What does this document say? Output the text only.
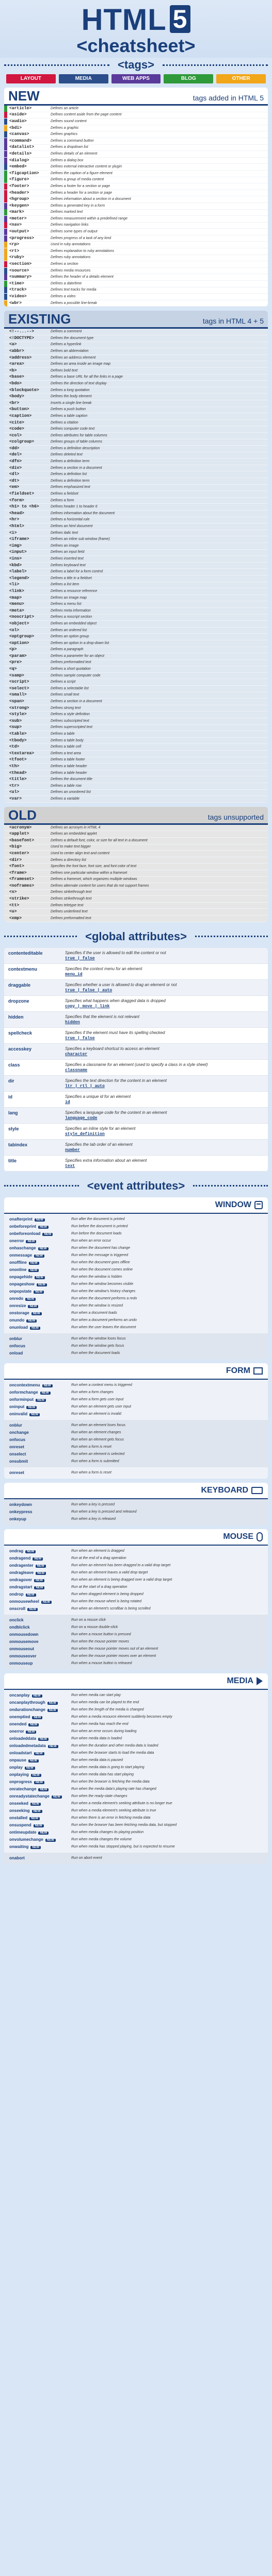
HTML 5
<cheatsheet>
<tags>
LAYOUT	MEDIA	WEB APPS	BLOG	OTHER
NEW	tags added in HTML 5
<article>	Defines an article
<aside>	Defines content aside from the page content
<audio>	Defines sound content
<bdi>	Defines a graphic
<canvas>	Defines graphics
<command>	Defines a command button
<datalist>	Defines a dropdown list
<details>	Defines details of an element
<dialog>	Defines a dialog box
<embed>	Defines external interactive content or plugin
<figcaption>	Defines the caption of a figure element
<figure>	Defines a group of media content
<footer>	Defines a footer for a section or page
<header>	Defines a header for a section or page
<hgroup>	Defines information about a section in a document
<keygen>	Defines a generated key in a form
<mark>	Defines marked text
<meter>	Defines measurement within a predefined range
<nav>	Defines navigation links
<output>	Defines some types of output
<progress>	Defines progress of a task of any kind
<rp>	Used in ruby annotations
<rt>	Defines explanation to ruby annotations
<ruby>	Defines ruby annotations
<section>	Defines a section
<source>	Defines media resources
<summary>	Defines the header of a details element
<time>	Defines a date/time
<track>	Defines text tracks for media
<video>	Defines a video
<wbr>	Defines a possible line-break
EXISTING	tags in HTML 4 + 5
<!--...-->	Defines a comment
<!DOCTYPE>	Defines the document type
<a>	Defines a hyperlink
<abbr>	Defines an abbreviation
<address>	Defines an address element
<area>	Defines an area inside an image map
<b>	Defines bold text
<base>	Defines a base URL for all the links in a page
<bdo>	Defines the direction of text display
<blockquote>	Defines a long quotation
<body>	Defines the body element
<br>	Inserts a single line break
<button>	Defines a push button
<caption>	Defines a table caption
<cite>	Defines a citation
<code>	Defines computer code text
<col>	Defines attributes for table columns
<colgroup>	Defines groups of table columns
<dd>	Defines a definition description
<del>	Defines deleted text
<dfn>	Defines a definition term
<div>	Defines a section in a document
<dl>	Defines a definition list
<dt>	Defines a definition term
<em>	Defines emphasized text
<fieldset>	Defines a fieldset
<form>	Defines a form
<h1> to <h6>	Defines header 1 to header 6
<head>	Defines information about the document
<hr>	Defines a horizontal rule
<html>	Defines an html document
<i>	Defines italic text
<iframe>	Defines an inline sub window (frame)
<img>	Defines an image
<input>	Defines an input field
<ins>	Defines inserted text
<kbd>	Defines keyboard text
<label>	Defines a label for a form control
<legend>	Defines a title in a fieldset
<li>	Defines a list item
<link>	Defines a resource reference
<map>	Defines an image map
<menu>	Defines a menu list
<meta>	Defines meta information
<noscript>	Defines a noscript section
<object>	Defines an embedded object
<ol>	Defines an ordered list
<optgroup>	Defines an option group
<option>	Defines an option in a drop-down list
<p>	Defines a paragraph
<param>	Defines a parameter for an object
<pre>	Defines preformatted text
<q>	Defines a short quotation
<samp>	Defines sample computer code
<script>	Defines a script
<select>	Defines a selectable list
<small>	Defines small text
<span>	Defines a section in a document
<strong>	Defines strong text
<style>	Defines a style definition
<sub>	Defines subscripted text
<sup>	Defines superscripted text
<table>	Defines a table
<tbody>	Defines a table body
<td>	Defines a table cell
<textarea>	Defines a text area
<tfoot>	Defines a table footer
<th>	Defines a table header
<thead>	Defines a table header
<title>	Defines the document title
<tr>	Defines a table row
<ul>	Defines an unordered list
<var>	Defines a variable
OLD	tags unsupported
<acronym>	Defines an acronym in HTML 4
<applet>	Defines an embedded applet
<basefont>	Defines a default font, color, or size for all text in a document
<big>	Used to make text bigger
<center>	Used to center align text and content
<dir>	Defines a directory list
<font>	Specifies the font face, font size, and font color of text
<frame>	Defines one particular window within a frameset
<frameset>	Defines a frameset, which organizes multiple windows
<noframes>	Defines alternate content for users that do not support frames
<s>	Defines strikethrough text
<strike>	Defines strikethrough text
<tt>	Defines teletype text
<u>	Defines underlined text
<xmp>	Defines preformatted text
<global attributes>
contenteditable	Specifies if the user is allowed to edit the content or not
true | false
contextmenu	Specifies the context menu for an element
menu_id
draggable	Specifies whether a user is allowed to drag an element or not
true | false | auto
dropzone	Specifies what happens when dragged data is dropped
copy | move | link
hidden	Specifies that the element is not relevant
hidden
spellcheck	Specifies if the element must have its spelling checked
true | false
accesskey	Specifies a keyboard shortcut to access an element
character
class	Specifies a classname for an element (used to specify a class in a style sheet)
classname
dir	Specifies the text direction for the content in an element
ltr | rtl | auto
id	Specifies a unique id for an element
id
lang	Specifies a language code for the content in an element
language_code
style	Specifies an inline style for an element
style_definition
tabindex	Specifies the tab order of an element
number
title	Specifies extra information about an element
text
<event attributes>
WINDOW
onafterprint NEW	Run after the document is printed
onbeforeprint NEW	Run before the document is printed
onbeforeonload NEW	Run before the document loads
onerror NEW	Run when an error occur
onhaschange NEW	Run when the document has change
onmessage NEW	Run when the message is triggered
onoffline NEW	Run when the document goes offline
ononline NEW	Run when the document comes online
onpagehide NEW	Run when the window is hidden
onpageshow NEW	Run when the window becomes visible
onpopstate NEW	Run when the window's history changes
onredo NEW	Run when the document performs a redo
onresize NEW	Run when the window is resized
onstorage NEW	Run when a document loads
onundo NEW	Run when a document performs an undo
onunload NEW	Run when the user leaves the document
onblur	Run when the window loses focus
onfocus	Run when the window gets focus
onload	Run when the document loads
FORM
oncontextmenu NEW	Run when a context menu is triggered
onformchange NEW	Run when a form changes
onforminput NEW	Run when a form gets user input
oninput NEW	Run when an element gets user input
oninvalid NEW	Run when an element is invalid
onblur	Run when an element loses focus
onchange	Run when an element changes
onfocus	Run when an element gets focus
onreset	Run when a form is reset
onselect	Run when an element is selected
onsubmit	Run when a form is submitted
onreset	Run when a form is reset
KEYBOARD
onkeydown	Run when a key is pressed
onkeypress	Run when a key is pressed and released
onkeyup	Run when a key is released
MOUSE
ondrag NEW	Run when an element is dragged
ondragend NEW	Run at the end of a drag operation
ondragenter NEW	Run when an element has been dragged to a valid drop target
ondragleave NEW	Run when an element leaves a valid drop target
ondragover NEW	Run when an element is being dragged over a valid drop target
ondragstart NEW	Run at the start of a drag operation
ondrop NEW	Run when dragged element is being dropped
onmousewheel NEW	Run when the mouse wheel is being rotated
onscroll NEW	Run when an element's scrollbar is being scrolled
onclick	Run on a mouse click
ondblclick	Run on a mouse double-click
onmousedown	Run when a mouse button is pressed
onmousemove	Run when the mouse pointer moves
onmouseout	Run when the mouse pointer moves out of an element
onmouseover	Run when the mouse pointer moves over an element
onmouseup	Run when a mouse button is released
MEDIA
oncanplay NEW	Run when media can start play
oncanplaythrough NEW	Run when media can be played to the end
ondurationchange NEW	Run when the length of the media is changed
onemptied NEW	Run when a media resource element suddenly becomes empty
onended NEW	Run when media has reach the end
onerror NEW	Run when an error occurs during loading
onloadeddata NEW	Run when media data is loaded
onloadedmetadata NEW	Run when the duration and other media data is loaded
onloadstart NEW	Run when the browser starts to load the media data
onpause NEW	Run when media data is paused
onplay NEW	Run when media data is going to start playing
onplaying NEW	Run when media data has start playing
onprogress NEW	Run when the browser is fetching the media data
onratechange NEW	Run when the media data's playing rate has changed
onreadystatechange NEW	Run when the ready-state changes
onseeked NEW	Run when a media element's seeking attribute is no longer true
onseeking NEW	Run when a media element's seeking attribute is true
onstalled NEW	Run when there is an error in fetching media data
onsuspend NEW	Run when the browser has been fetching media data, but stopped
ontimeupdate NEW	Run when media changes its playing position
onvolumechange NEW	Run when media changes the volume
onwaiting NEW	Run when media has stopped playing, but is expected to resume
onabort	Run on abort event
